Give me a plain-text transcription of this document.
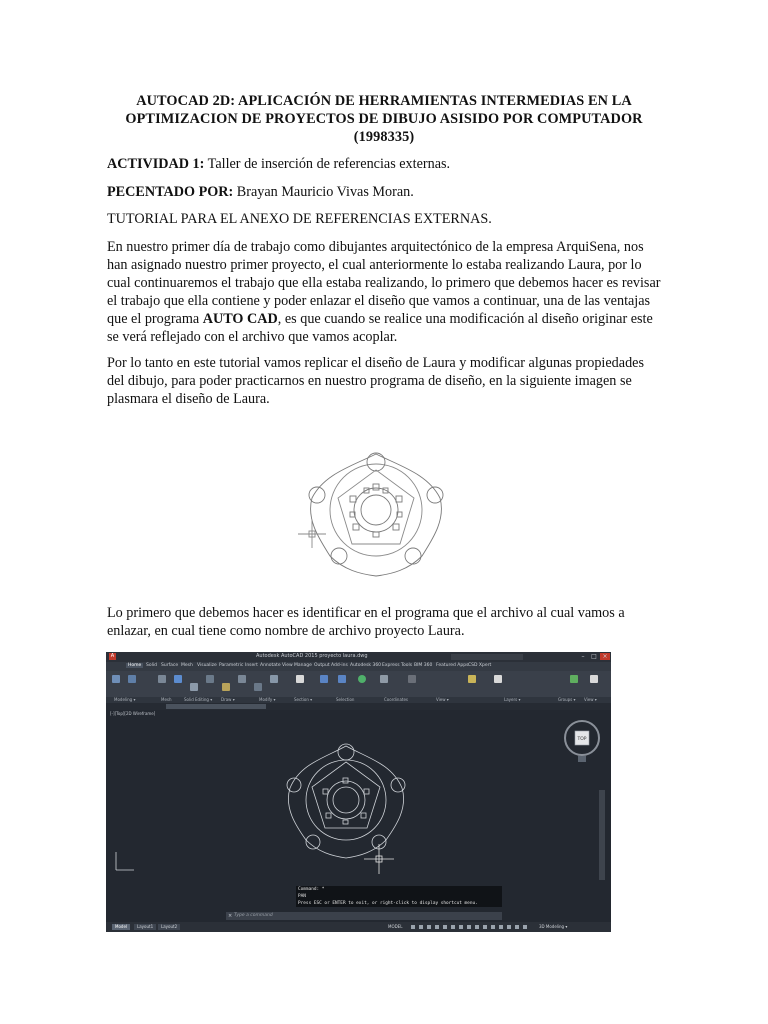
AUTOCAD 2D: APLICACIÓN DE HERRAMIENTAS INTERMEDIAS EN LA
OPTIMIZACION DE PROYECTOS DE DIBUJO ASISIDO POR COMPUTADOR
(1998335)

ACTIVIDAD 1: Taller de inserción de referencias externas.

PECENTADO POR: Brayan Mauricio Vivas Moran.

TUTORIAL PARA EL ANEXO DE REFERENCIAS EXTERNAS.

En nuestro primer día de trabajo como dibujantes arquitectónico de la empresa ArquiSena, nos han asignado nuestro primer proyecto, el cual anteriormente lo estaba realizando Laura, por lo cual continuaremos el trabajo que ella estaba realizando, lo primero que debemos hacer es revisar el trabajo que ella contiene y poder enlazar el diseño que vamos a continuar, una de las ventajas que el programa AUTO CAD, es que cuando se realice una modificación al diseño originar este se verá reflejado con el archivo que vamos acoplar.

Por lo tanto en este tutorial vamos replicar el diseño de Laura y modificar algunas propiedades del dibujo, para poder practicarnos en nuestro programa de diseño, en la siguiente imagen se plasmara el diseño de Laura.

Lo primero que debemos hacer es identificar en el programa que el archivo al cual vamos a enlazar, en cual tiene como nombre de archivo proyecto Laura.

A	Autodesk AutoCAD 2015 proyecto laura.dwg	–	□ ×
Home	Solid Surface Mesh Visualize Parametric Insert Annotate View Manage Output Add-ins Autodesk 360 Express Tools BIM 360 Featured Apps CSD Xpert
Modeling ▾	Mesh	Solid Editing ▾ Draw ▾	Modify ▾	Section ▾	Coordinates	View ▾
Selection	Layers ▾	Groups ▾ View ▾
[-][Top][2D Wireframe]
TOP
Command: *
PAN
Press ESC or ENTER to exit, or right-click to display shortcut menu.
× Type a command
Model	Layout1	Layout2	MODEL	3D Modeling ▾
